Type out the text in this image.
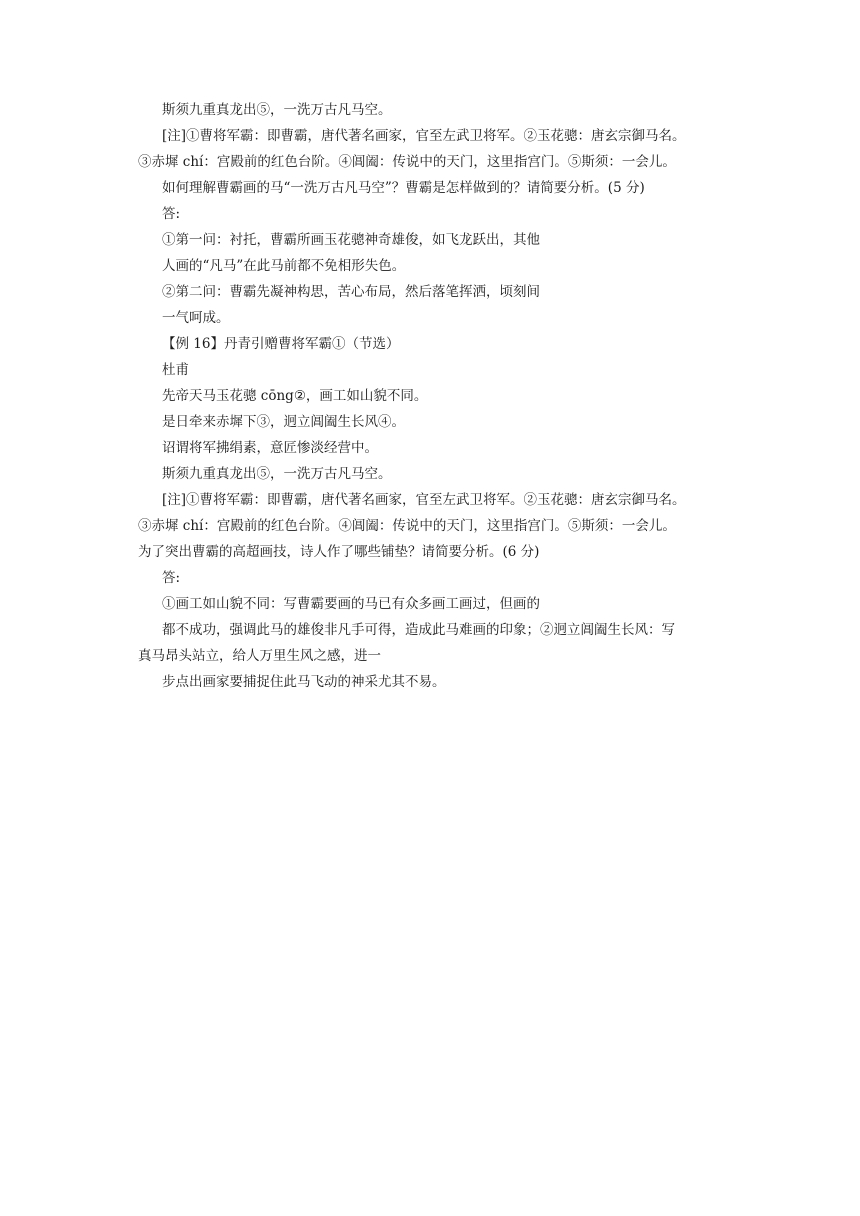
斯须九重真龙出⑤，一洗万古凡马空。
[注]①曹将军霸：即曹霸，唐代著名画家，官至左武卫将军。②玉花骢：唐玄宗御马名。
③赤墀 chí：宫殿前的红色台阶。④阊阖：传说中的天门，这里指宫门。⑤斯须：一会儿。
如何理解曹霸画的马“一洗万古凡马空”？曹霸是怎样做到的？请简要分析。(5 分)
答:
①第一问：衬托，曹霸所画玉花骢神奇雄俊，如飞龙跃出，其他
人画的“凡马”在此马前都不免相形失色。
②第二问：曹霸先凝神构思，苦心布局，然后落笔挥洒，顷刻间
一气呵成。
【例 16】丹青引赠曹将军霸①（节选）
杜甫
先帝天马玉花骢 cōng②，画工如山貌不同。
是日牵来赤墀下③，迥立阊阖生长风④。
诏谓将军拂绢素，意匠惨淡经营中。
斯须九重真龙出⑤，一洗万古凡马空。
[注]①曹将军霸：即曹霸，唐代著名画家，官至左武卫将军。②玉花骢：唐玄宗御马名。
③赤墀 chí：宫殿前的红色台阶。④阊阖：传说中的天门，这里指宫门。⑤斯须：一会儿。
为了突出曹霸的高超画技，诗人作了哪些铺垫？请简要分析。(6 分)
答:
①画工如山貌不同：写曹霸要画的马已有众多画工画过，但画的
都不成功，强调此马的雄俊非凡手可得，造成此马难画的印象；②迥立阊阖生长风：写
真马昂头站立，给人万里生风之感，进一
步点出画家要捕捉住此马飞动的神采尤其不易。
